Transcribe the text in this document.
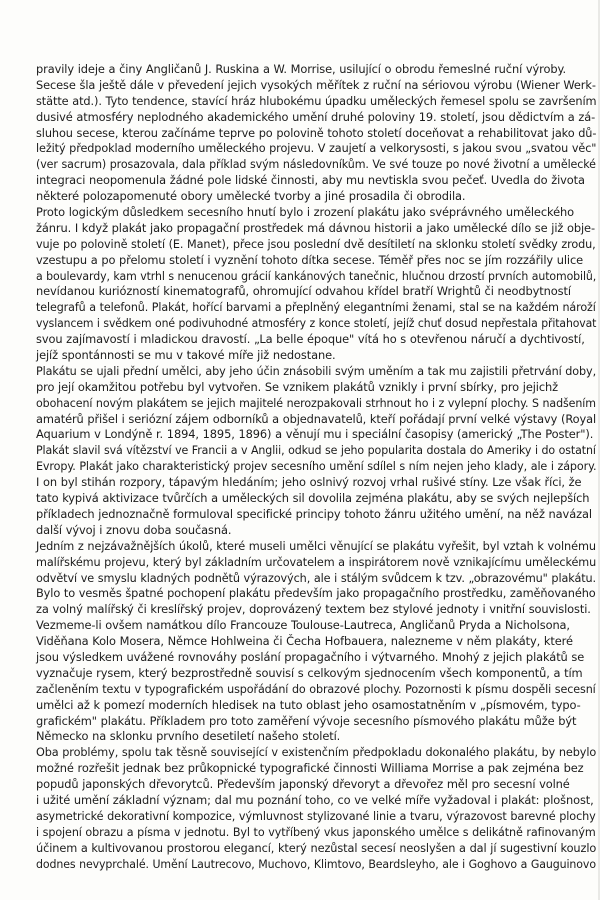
pravily ideje a činy Angličanů J. Ruskina a W. Morrise, usilující o obrodu řemeslné ruční výroby.
Secese šla ještě dále v převedení jejich vysokých měřítek z ruční na sériovou výrobu (Wiener Werk-
stätte atd.). Tyto tendence, stavící hráz hlubokému úpadku uměleckých řemesel spolu se završením
dusivé atmosféry neplodného akademického umění druhé poloviny 19. století, jsou dědictvím a zá-
sluhou secese, kterou začínáme teprve po polovině tohoto století doceňovat a rehabilitovat jako dů-
ležitý předpoklad moderního uměleckého projevu. V zaujetí a velkorysosti, s jakou svou „svatou věc"
(ver sacrum) prosazovala, dala příklad svým následovníkům. Ve své touze po nové životní a umělecké
integraci neopomenula žádné pole lidské činnosti, aby mu nevtiskla svou pečeť. Uvedla do života
některé polozapomenuté obory umělecké tvorby a jiné prosadila či obrodila.
Proto logickým důsledkem secesního hnutí bylo i zrození plakátu jako svéprávného uměleckého
žánru. I když plakát jako propagační prostředek má dávnou historii a jako umělecké dílo se již obje-
vuje po polovině století (E. Manet), přece jsou poslední dvě desítiletí na sklonku století svědky zrodu,
vzestupu a po přelomu století i vyznění tohoto dítka secese. Téměř přes noc se jím rozzářily ulice
a boulevardy, kam vtrhl s nenucenou grácií kankánových tanečnic, hlučnou drzostí prvních automobilů,
nevídanou kuriózností kinematografů, ohromující odvahou křídel bratří Wrightů či neodbytností
telegrafů a telefonů. Plakát, hořící barvami a přeplněný elegantními ženami, stal se na každém nároží
vyslancem i svědkem oné podivuhodné atmosféry z konce století, jejíž chuť dosud nepřestala přitahovat
svou zajímavostí i mladickou dravostí. „La belle époque" vítá ho s otevřenou náručí a dychtivostí,
jejíž spontánnosti se mu v takové míře již nedostane.
Plakátu se ujali přední umělci, aby jeho účin znásobili svým uměním a tak mu zajistili přetrvání doby,
pro její okamžitou potřebu byl vytvořen. Se vznikem plakátů vznikly i první sbírky, pro jejichž
obohacení novým plakátem se jejich majitelé nerozpakovali strhnout ho i z vylepní plochy. S nadšením
amatérů přišel i seriózní zájem odborníků a objednavatelů, kteří pořádají první velké výstavy (Royal
Aquarium v Londýně r. 1894, 1895, 1896) a věnují mu i speciální časopisy (americký „The Poster").
Plakát slavil svá vítězství ve Francii a v Anglii, odkud se jeho popularita dostala do Ameriky i do ostatní
Evropy. Plakát jako charakteristický projev secesního umění sdílel s ním nejen jeho klady, ale i zápory.
I on byl stihán rozpory, tápavým hledáním; jeho oslnivý rozvoj vrhal rušivé stíny. Lze však říci, že
tato kypivá aktivizace tvůrčích a uměleckých sil dovolila zejména plakátu, aby se svých nejlepších
příkladech jednoznačně formuloval specifické principy tohoto žánru užitého umění, na něž navázal
další vývoj i znovu doba současná.
Jedním z nejzávažnějších úkolů, které museli umělci věnující se plakátu vyřešit, byl vztah k volnému
malířskému projevu, který byl základním určovatelem a inspirátorem nově vznikajícímu uměleckému
odvětví ve smyslu kladných podnětů výrazových, ale i stálým svůdcem k tzv. „obrazovému" plakátu.
Bylo to vesměs špatné pochopení plakátu především jako propagačního prostředku, zaměňovaného
za volný malířský či kreslířský projev, doprovázený textem bez stylové jednoty i vnitřní souvislosti.
Vezmeme-li ovšem namátkou dílo Francouze Toulouse-Lautreca, Angličanů Pryda a Nicholsona,
Viděňana Kolo Mosera, Němce Hohlweina či Čecha Hofbauera, nalezneme v něm plakáty, které
jsou výsledkem uvážené rovnováhy poslání propagačního i výtvarného. Mnohý z jejich plakátů se
vyznačuje rysem, který bezprostředně souvisí s celkovým sjednocením všech komponentů, a tím
začleněním textu v typografickém uspořádání do obrazové plochy. Pozornosti k písmu dospěli secesní
umělci až k pomezí moderních hledisek na tuto oblast jeho osamostatněním v „písmovém, typo-
grafickém" plakátu. Příkladem pro toto zaměření vývoje secesního písmového plakátu může být
Německo na sklonku prvního desetiletí našeho století.
Oba problémy, spolu tak těsně související v existenčním předpokladu dokonalého plakátu, by nebylo
možné rozřešit jednak bez průkopnické typografické činnosti Williama Morrise a pak zejména bez
popudů japonských dřevorytců. Především japonský dřevoryt a dřevořez měl pro secesní volné
i užité umění základní význam; dal mu poznání toho, co ve velké míře vyžadoval i plakát: plošnost,
asymetrické dekorativní kompozice, výmluvnost stylizované linie a tvaru, výrazovost barevné plochy
i spojení obrazu a písma v jednotu. Byl to vytříbený vkus japonského umělce s delikátně rafinovaným
účinem a kultivovanou prostorou elegancí, který nezůstal secesí neoslyšen a dal jí sugestivní kouzlo
dodnes nevyprchalé. Umění Lautrecovo, Muchovo, Klimtovo, Beardsleyho, ale i Goghovo a Gauguinovo
